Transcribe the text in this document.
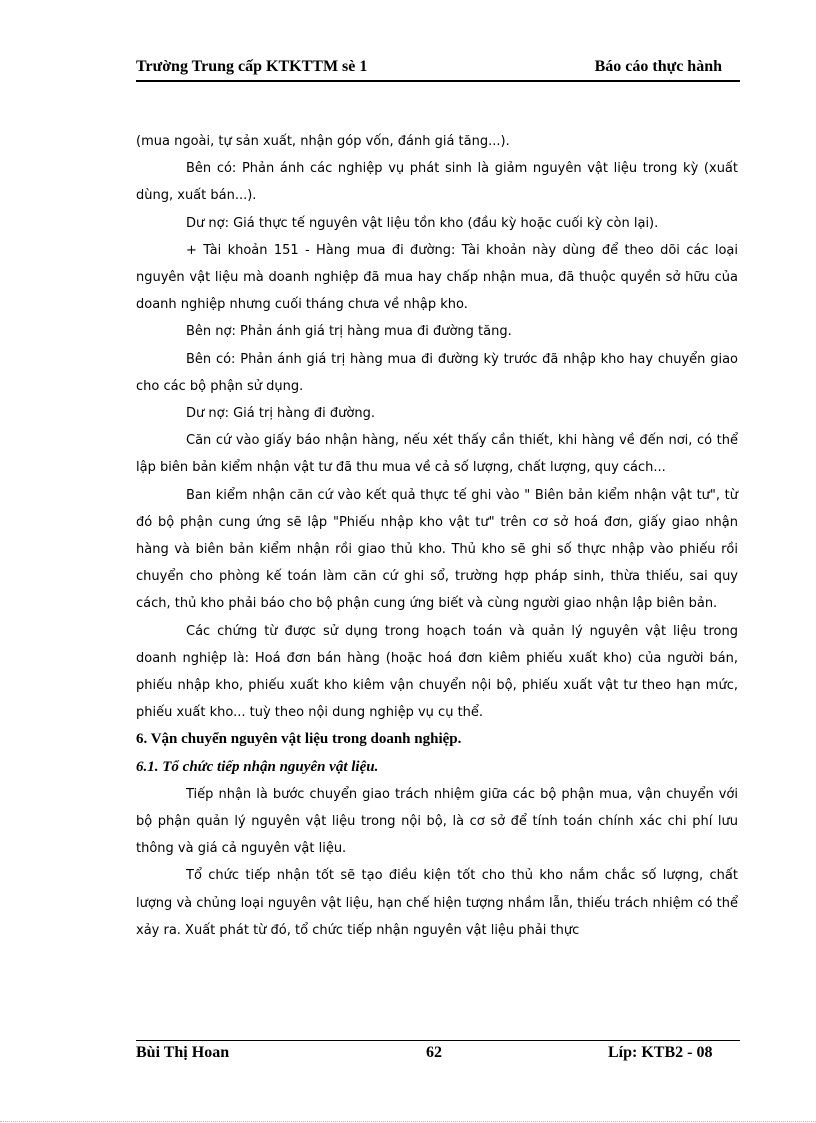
Trường Trung cấp KTKTTM sè 1	Báo cáo thực hành

(mua ngoài, tự sản xuất, nhận góp vốn, đánh giá tăng...).

Bên có: Phản ánh các nghiệp vụ phát sinh là giảm nguyên vật liệu trong kỳ (xuất dùng, xuất bán...).

Dư nợ: Giá thực tế nguyên vật liệu tồn kho (đầu kỳ hoặc cuối kỳ còn lại).

+ Tài khoản 151 - Hàng mua đi đường: Tài khoản này dùng để theo dõi các loại nguyên vật liệu mà doanh nghiệp đã mua hay chấp nhận mua, đã thuộc quyền sở hữu của doanh nghiệp nhưng cuối tháng chưa về nhập kho.

Bên nợ: Phản ánh giá trị hàng mua đi đường tăng.

Bên có: Phản ánh giá trị hàng mua đi đường kỳ trước đã nhập kho hay chuyển giao cho các bộ phận sử dụng.

Dư nợ: Giá trị hàng đi đường.

Căn cứ vào giấy báo nhận hàng, nếu xét thấy cần thiết, khi hàng về đến nơi, có thể lập biên bản kiểm nhận vật tư đã thu mua về cả số lượng, chất lượng, quy cách...

Ban kiểm nhận căn cứ vào kết quả thực tế ghi vào " Biên bản kiểm nhận vật tư", từ đó bộ phận cung ứng sẽ lập "Phiếu nhập kho vật tư" trên cơ sở hoá đơn, giấy giao nhận hàng và biên bản kiểm nhận rồi giao thủ kho. Thủ kho sẽ ghi số thực nhập vào phiếu rồi chuyển cho phòng kế toán làm căn cứ ghi sổ, trường hợp pháp sinh, thừa thiếu, sai quy cách, thủ kho phải báo cho bộ phận cung ứng biết và cùng người giao nhận lập biên bản.

Các chứng từ được sử dụng trong hoạch toán và quản lý nguyên vật liệu trong doanh nghiệp là: Hoá đơn bán hàng (hoặc hoá đơn kiêm phiếu xuất kho) của người bán, phiếu nhập kho, phiếu xuất kho kiêm vận chuyển nội bộ, phiếu xuất vật tư theo hạn mức, phiếu xuất kho... tuỳ theo nội dung nghiệp vụ cụ thể.

6. Vận chuyển nguyên vật liệu trong doanh nghiệp.

6.1. Tổ chức tiếp nhận nguyên vật liệu.

Tiếp nhận là bước chuyển giao trách nhiệm giữa các bộ phận mua, vận chuyển với bộ phận quản lý nguyên vật liệu trong nội bộ, là cơ sở để tính toán chính xác chi phí lưu thông và giá cả nguyên vật liệu.

Tổ chức tiếp nhận tốt sẽ tạo điều kiện tốt cho thủ kho nắm chắc số lượng, chất lượng và chủng loại nguyên vật liệu, hạn chế hiện tượng nhầm lẫn, thiếu trách nhiệm có thể xảy ra. Xuất phát từ đó, tổ chức tiếp nhận nguyên vật liệu phải thực

Bùi Thị Hoan	62	Líp: KTB2 - 08
